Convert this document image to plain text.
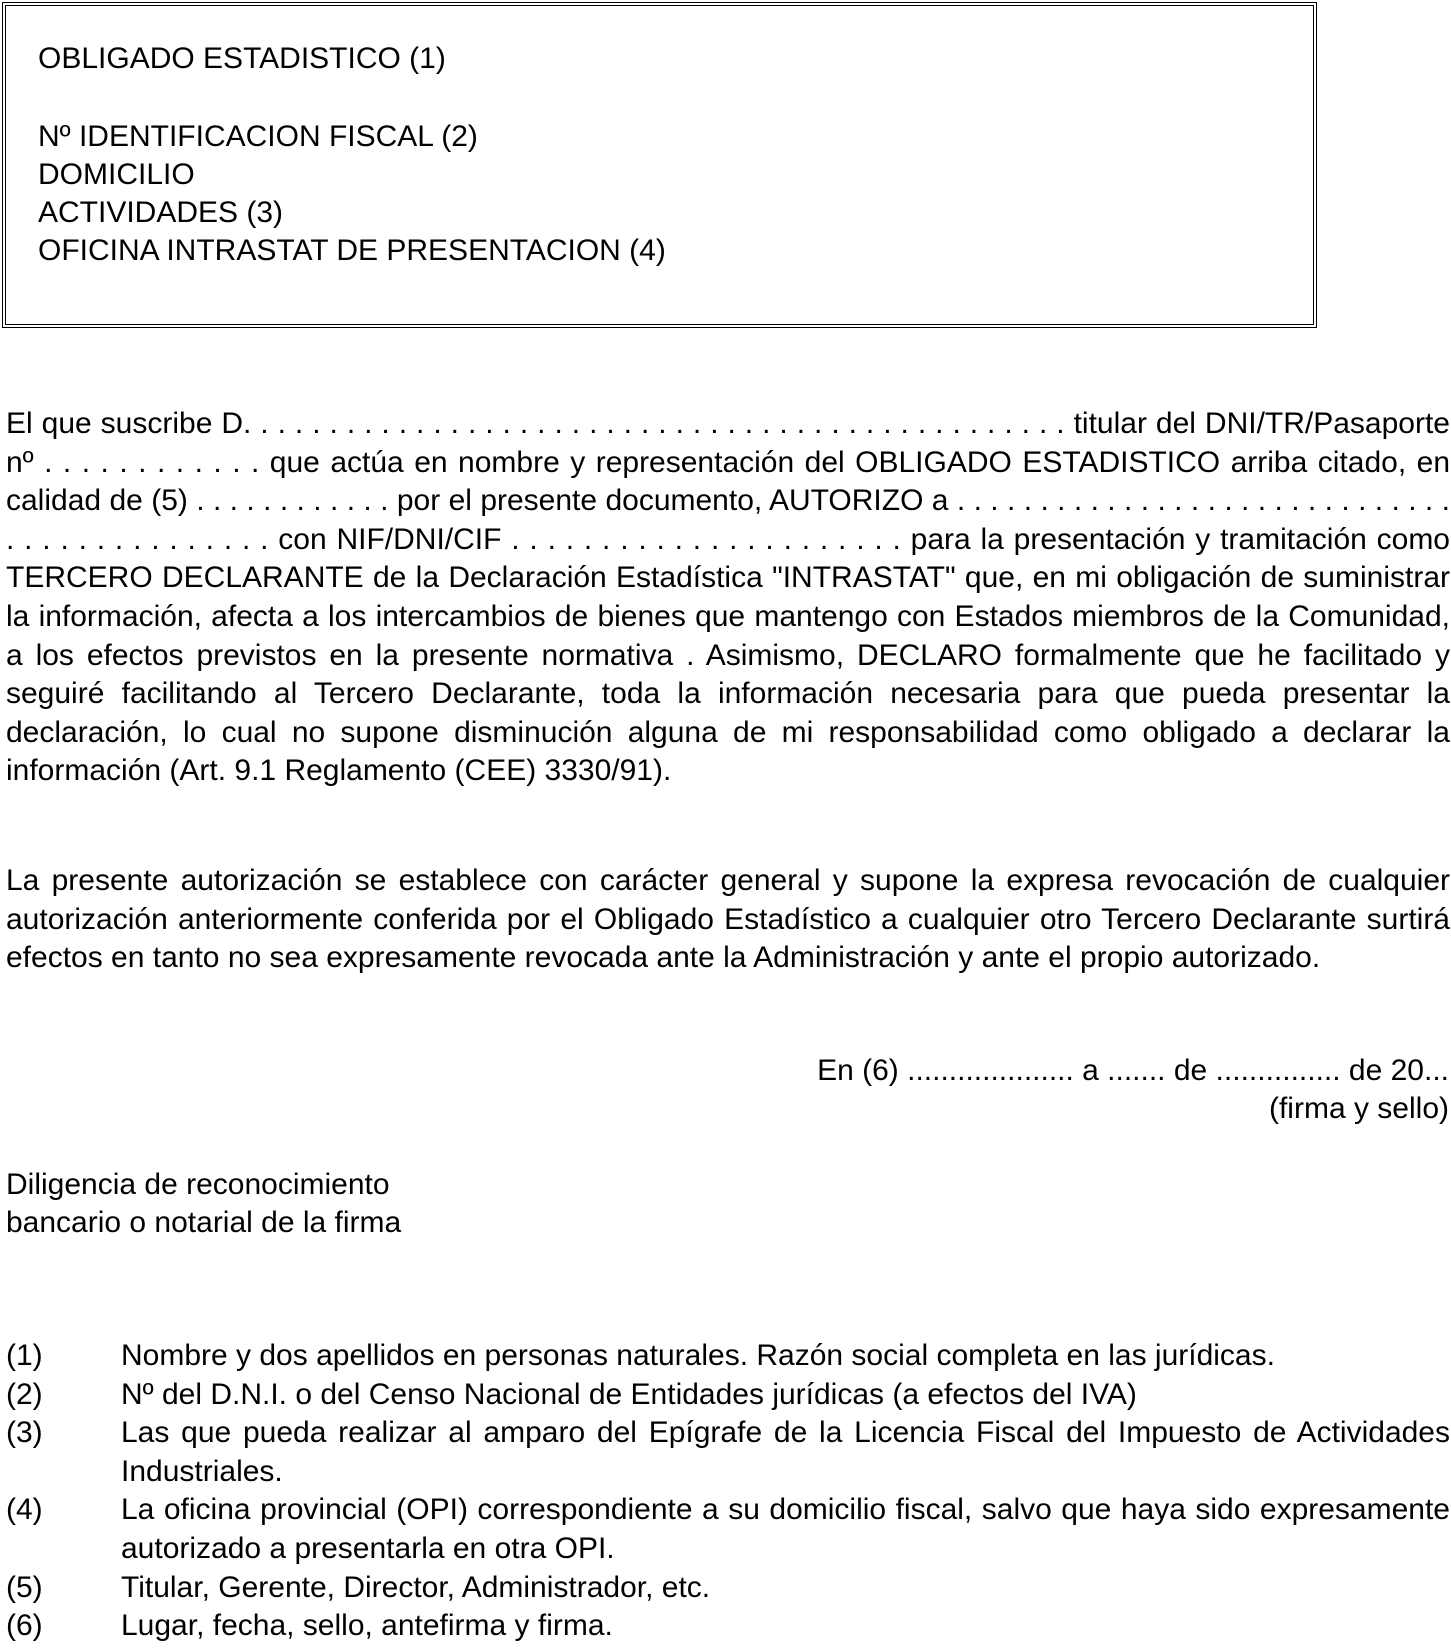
OBLIGADO ESTADISTICO (1)
Nº IDENTIFICACION FISCAL (2)
DOMICILIO
ACTIVIDADES (3)
OFICINA INTRASTAT DE PRESENTACION (4)

El que suscribe D. . . . . . . . . . . . . . . . . . . . . . . . . . . . . . . . . . . . . . . . . . . . . . . . titular del DNI/TR/Pasaporte nº . . . . . . . . . . . . que actúa en nombre y representación del OBLIGADO ESTADISTICO arriba citado, en calidad de (5) . . . . . . . . . . . . por el presente documento, AUTORIZO a . . . . . . . . . . . . . . . . . . . . . . . . . . . . . . . . . . . . . . . . . . . . . con NIF/DNI/CIF . . . . . . . . . . . . . . . . . . . . . . para la presentación y tramitación como TERCERO DECLARANTE de la Declaración Estadística "INTRASTAT" que, en mi obligación de suministrar la información, afecta a los intercambios de bienes que mantengo con Estados miembros de la Comunidad, a los efectos previstos en la presente normativa . Asimismo, DECLARO formalmente que he facilitado y seguiré facilitando al Tercero Declarante, toda la información necesaria para que pueda presentar la declaración, lo cual no supone disminución alguna de mi responsabilidad como obligado a declarar la información (Art. 9.1 Reglamento (CEE) 3330/91).

La presente autorización se establece con carácter general y supone la expresa revocación de cualquier autorización anteriormente conferida por el Obligado Estadístico a cualquier otro Tercero Declarante surtirá efectos en tanto no sea expresamente revocada ante la Administración y ante el propio autorizado.

En (6) .................... a ....... de ............... de 20...
(firma y sello)
Diligencia de reconocimiento
bancario o notarial de la firma
(1)	Nombre y dos apellidos en personas naturales. Razón social completa en las jurídicas.
(2)	Nº del D.N.I. o del Censo Nacional de Entidades jurídicas (a efectos del IVA)
(3)	Las que pueda realizar al amparo del Epígrafe de la Licencia Fiscal del Impuesto de Actividades Industriales.
(4)	La oficina provincial (OPI) correspondiente a su domicilio fiscal, salvo que haya sido expresamente autorizado a presentarla en otra OPI.
(5)	Titular, Gerente, Director, Administrador, etc.
(6)	Lugar, fecha, sello, antefirma y firma.
